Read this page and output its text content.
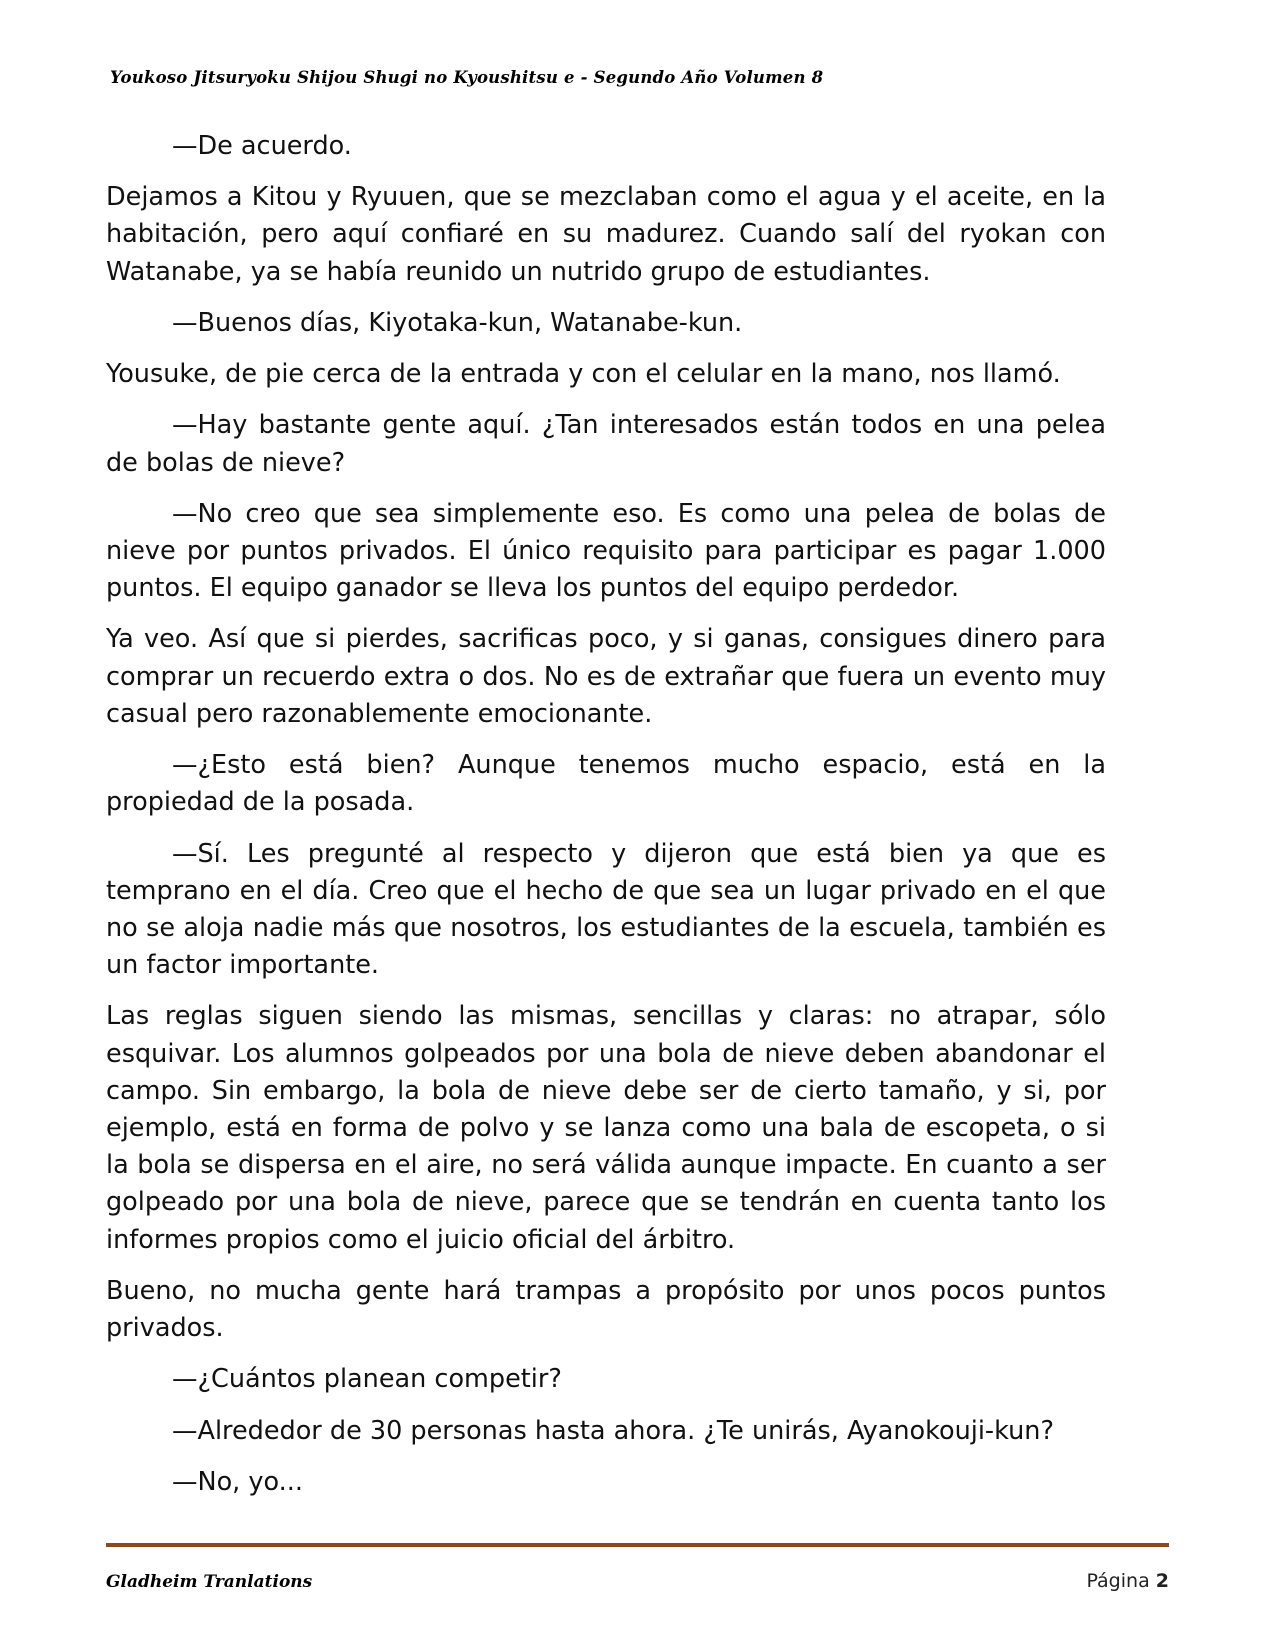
Youkoso Jitsuryoku Shijou Shugi no Kyoushitsu e - Segundo Año Volumen 8

—De acuerdo.

Dejamos a Kitou y Ryuuen, que se mezclaban como el agua y el aceite, en la habitación, pero aquí confiaré en su madurez. Cuando salí del ryokan con Watanabe, ya se había reunido un nutrido grupo de estudiantes.

—Buenos días, Kiyotaka-kun, Watanabe-kun.

Yousuke, de pie cerca de la entrada y con el celular en la mano, nos llamó.

—Hay bastante gente aquí. ¿Tan interesados están todos en una pelea de bolas de nieve?

—No creo que sea simplemente eso. Es como una pelea de bolas de nieve por puntos privados. El único requisito para participar es pagar 1.000 puntos. El equipo ganador se lleva los puntos del equipo perdedor.

Ya veo. Así que si pierdes, sacrificas poco, y si ganas, consigues dinero para comprar un recuerdo extra o dos. No es de extrañar que fuera un evento muy casual pero razonablemente emocionante.

—¿Esto está bien? Aunque tenemos mucho espacio, está en la propiedad de la posada.

—Sí. Les pregunté al respecto y dijeron que está bien ya que es temprano en el día. Creo que el hecho de que sea un lugar privado en el que no se aloja nadie más que nosotros, los estudiantes de la escuela, también es un factor importante.

Las reglas siguen siendo las mismas, sencillas y claras: no atrapar, sólo esquivar. Los alumnos golpeados por una bola de nieve deben abandonar el campo. Sin embargo, la bola de nieve debe ser de cierto tamaño, y si, por ejemplo, está en forma de polvo y se lanza como una bala de escopeta, o si la bola se dispersa en el aire, no será válida aunque impacte. En cuanto a ser golpeado por una bola de nieve, parece que se tendrán en cuenta tanto los informes propios como el juicio oficial del árbitro.

Bueno, no mucha gente hará trampas a propósito por unos pocos puntos privados.

—¿Cuántos planean competir?

—Alrededor de 30 personas hasta ahora. ¿Te unirás, Ayanokouji-kun?

—No, yo...

Gladheim Tranlations	Página 2
